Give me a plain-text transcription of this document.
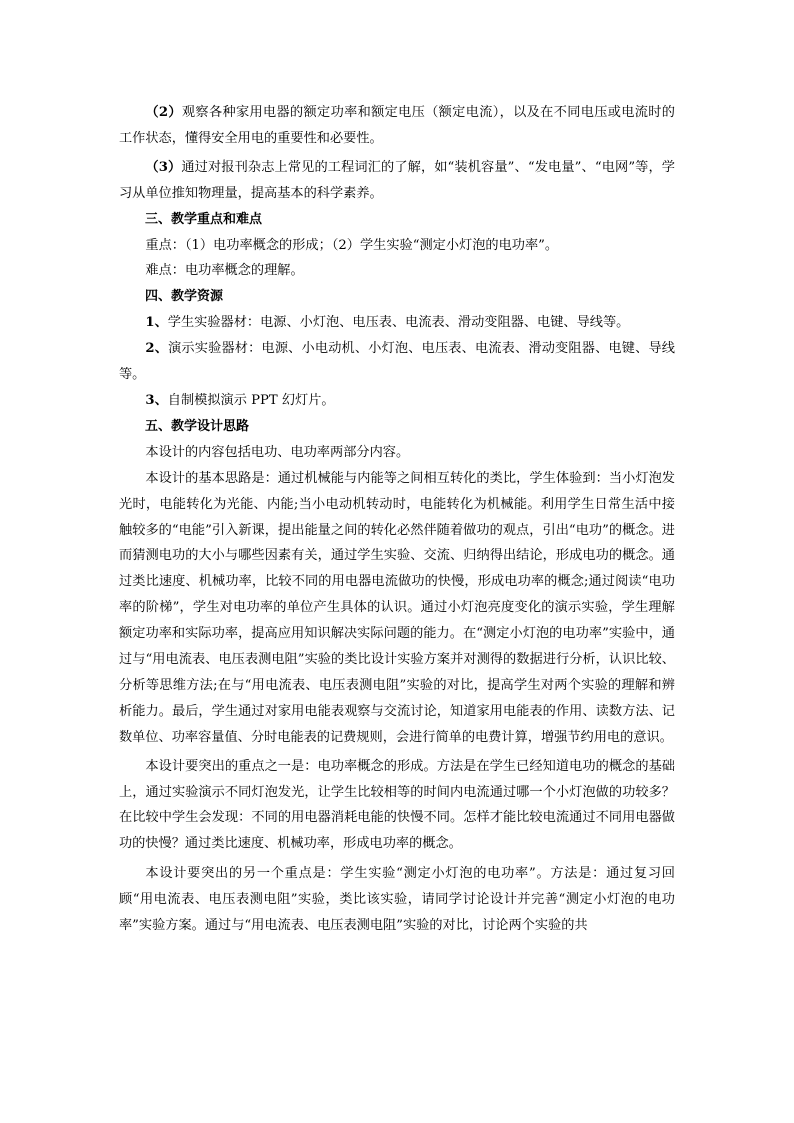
（2）观察各种家用电器的额定功率和额定电压（额定电流），以及在不同电压或电流时的工作状态，懂得安全用电的重要性和必要性。

（3）通过对报刊杂志上常见的工程词汇的了解，如“装机容量”、“发电量”、“电网”等，学习从单位推知物理量，提高基本的科学素养。

三、教学重点和难点

重点：（1）电功率概念的形成；（2）学生实验“测定小灯泡的电功率”。

难点：电功率概念的理解。

四、教学资源

1、学生实验器材：电源、小灯泡、电压表、电流表、滑动变阻器、电键、导线等。

2、演示实验器材：电源、小电动机、小灯泡、电压表、电流表、滑动变阻器、电键、导线等。

3、自制模拟演示 PPT 幻灯片。

五、教学设计思路

本设计的内容包括电功、电功率两部分内容。

本设计的基本思路是：通过机械能与内能等之间相互转化的类比，学生体验到：当小灯泡发光时，电能转化为光能、内能;当小电动机转动时，电能转化为机械能。利用学生日常生活中接触较多的“电能”引入新课，提出能量之间的转化必然伴随着做功的观点，引出“电功”的概念。进而猜测电功的大小与哪些因素有关，通过学生实验、交流、归纳得出结论，形成电功的概念。通过类比速度、机械功率，比较不同的用电器电流做功的快慢，形成电功率的概念;通过阅读“电功率的阶梯”，学生对电功率的单位产生具体的认识。通过小灯泡亮度变化的演示实验，学生理解额定功率和实际功率，提高应用知识解决实际问题的能力。在“测定小灯泡的电功率”实验中，通过与“用电流表、电压表测电阻”实验的类比设计实验方案并对测得的数据进行分析，认识比较、分析等思维方法;在与“用电流表、电压表测电阻”实验的对比，提高学生对两个实验的理解和辨析能力。最后，学生通过对家用电能表观察与交流讨论，知道家用电能表的作用、读数方法、记数单位、功率容量值、分时电能表的记费规则，会进行简单的电费计算，增强节约用电的意识。

本设计要突出的重点之一是：电功率概念的形成。方法是在学生已经知道电功的概念的基础上，通过实验演示不同灯泡发光，让学生比较相等的时间内电流通过哪一个小灯泡做的功较多？在比较中学生会发现：不同的用电器消耗电能的快慢不同。怎样才能比较电流通过不同用电器做功的快慢？通过类比速度、机械功率，形成电功率的概念。

本设计要突出的另一个重点是：学生实验“测定小灯泡的电功率”。方法是：通过复习回顾“用电流表、电压表测电阻”实验，类比该实验，请同学讨论设计并完善“测定小灯泡的电功率”实验方案。通过与“用电流表、电压表测电阻”实验的对比，讨论两个实验的共
